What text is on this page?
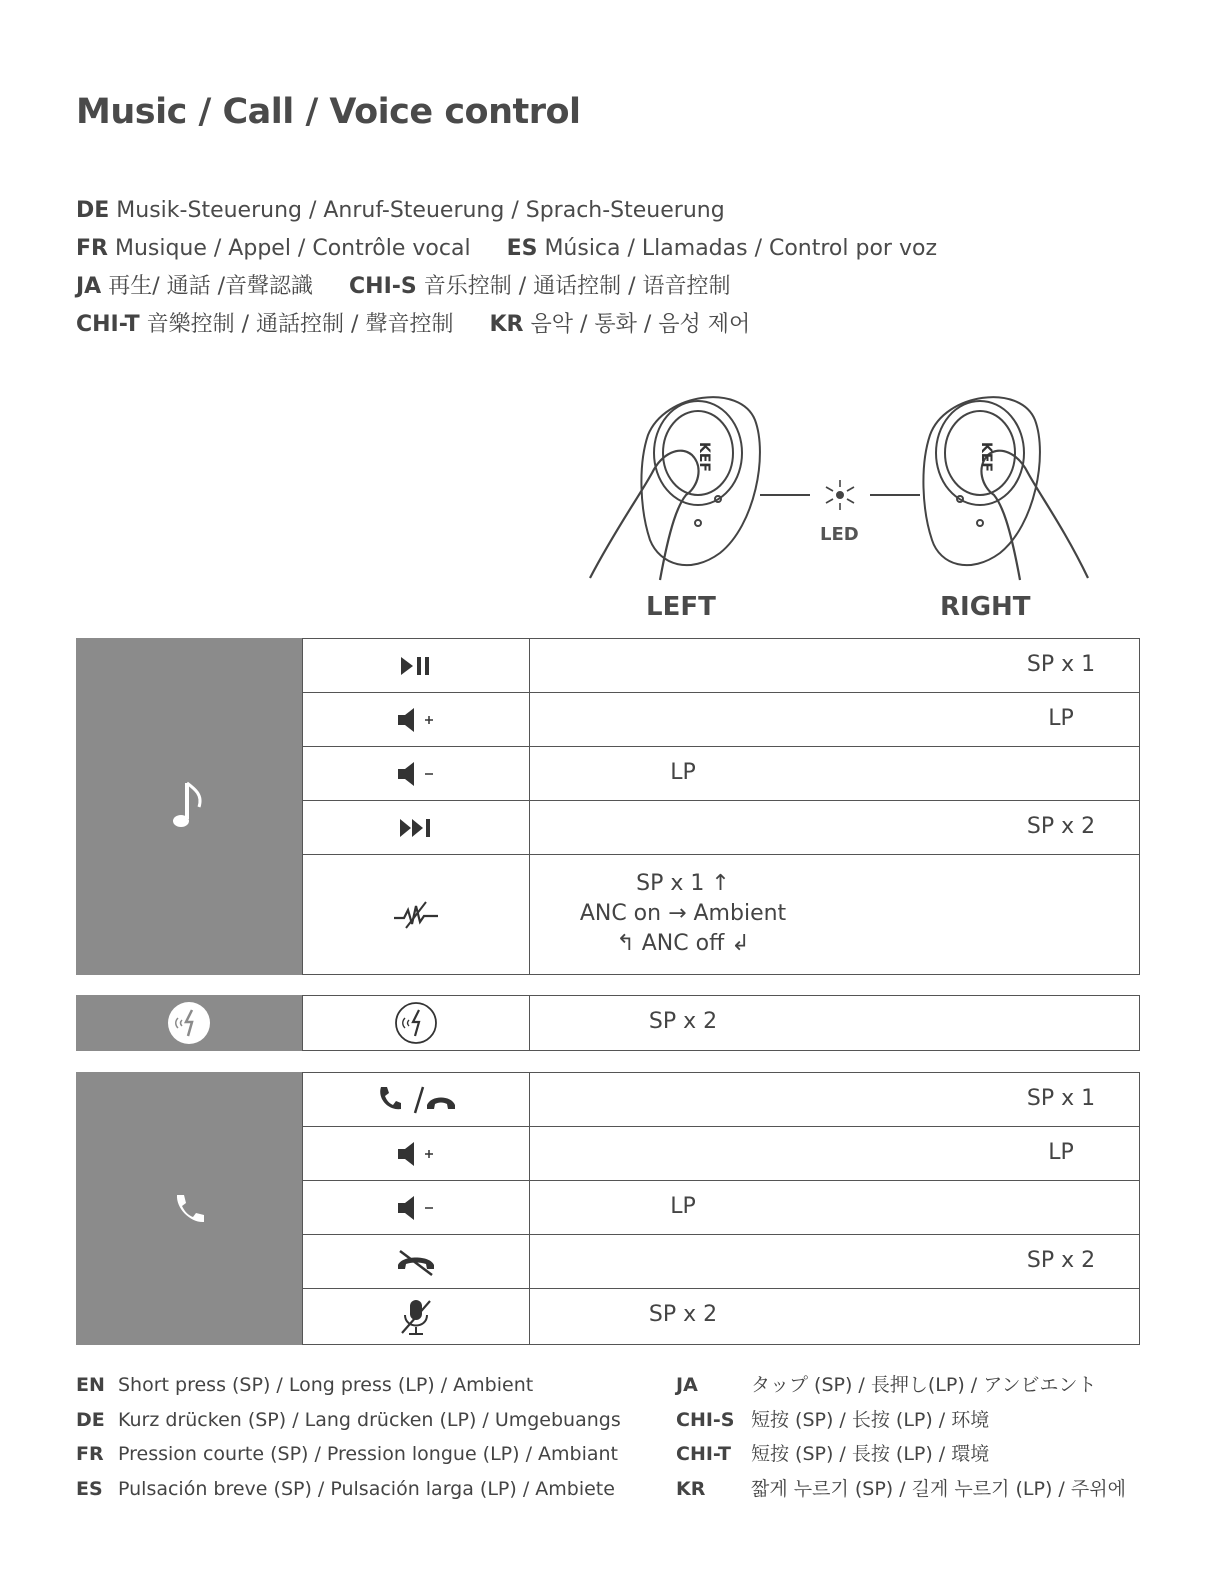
Music / Call / Voice control
DE Musik-Steuerung / Anruf-Steuerung / Sprach-Steuerung
FR Musique / Appel / Contrôle vocal ES Música / Llamadas / Control por voz
JA 再生/ 通話 /音聲認識 CHI-S 音乐控制 / 通话控制 / 语音控制
CHI-T 音樂控制 / 通話控制 / 聲音控制 KR 음악 / 통화 / 음성 제어
KEF	KEF
LED
LEFT	RIGHT
SP x 1
LP
LP
SP x 2
SP x 1 ↑
ANC on → Ambient
↰ ANC off ↲
SP x 2
SP x 1
LP
LP
SP x 2
SP x 2
EN Short press (SP) / Long press (LP) / Ambient
DE Kurz drücken (SP) / Lang drücken (LP) / Umgebuangs
FR Pression courte (SP) / Pression longue (LP) / Ambiant
ES Pulsación breve (SP) / Pulsación larga (LP) / Ambiete
JA	タップ (SP) / 長押し(LP) / アンビエント
CHI-S 短按 (SP) / 长按 (LP) / 环境
CHI-T 短按 (SP) / 長按 (LP) / 環境
KR 짧게 누르기 (SP) / 길게 누르기 (LP) / 주위에
